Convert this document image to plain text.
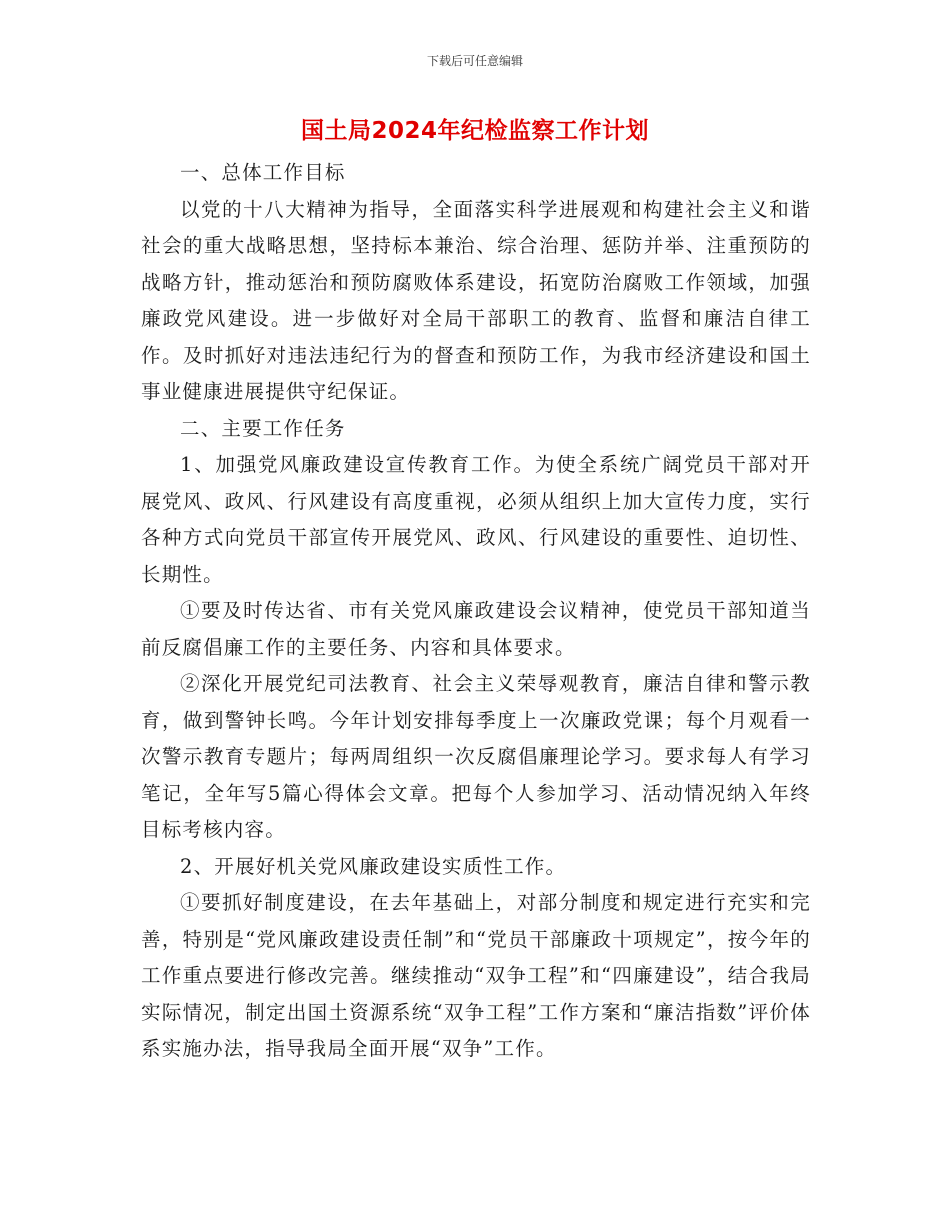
下载后可任意编辑
国土局2024年纪检监察工作计划

一、总体工作目标

以党的十八大精神为指导，全面落实科学进展观和构建社会主义和谐社会的重大战略思想，坚持标本兼治、综合治理、惩防并举、注重预防的战略方针，推动惩治和预防腐败体系建设，拓宽防治腐败工作领域，加强廉政党风建设。进一步做好对全局干部职工的教育、监督和廉洁自律工作。及时抓好对违法违纪行为的督查和预防工作，为我市经济建设和国土事业健康进展提供守纪保证。

二、主要工作任务

1、加强党风廉政建设宣传教育工作。为使全系统广阔党员干部对开展党风、政风、行风建设有高度重视，必须从组织上加大宣传力度，实行各种方式向党员干部宣传开展党风、政风、行风建设的重要性、迫切性、长期性。

①要及时传达省、市有关党风廉政建设会议精神，使党员干部知道当前反腐倡廉工作的主要任务、内容和具体要求。

②深化开展党纪司法教育、社会主义荣辱观教育，廉洁自律和警示教育，做到警钟长鸣。今年计划安排每季度上一次廉政党课；每个月观看一次警示教育专题片；每两周组织一次反腐倡廉理论学习。要求每人有学习笔记，全年写5篇心得体会文章。把每个人参加学习、活动情况纳入年终目标考核内容。

2、开展好机关党风廉政建设实质性工作。

①要抓好制度建设，在去年基础上，对部分制度和规定进行充实和完善，特别是“党风廉政建设责任制”和“党员干部廉政十项规定”，按今年的工作重点要进行修改完善。继续推动“双争工程”和“四廉建设”，结合我局实际情况，制定出国土资源系统“双争工程”工作方案和“廉洁指数”评价体系实施办法，指导我局全面开展“双争”工作。
